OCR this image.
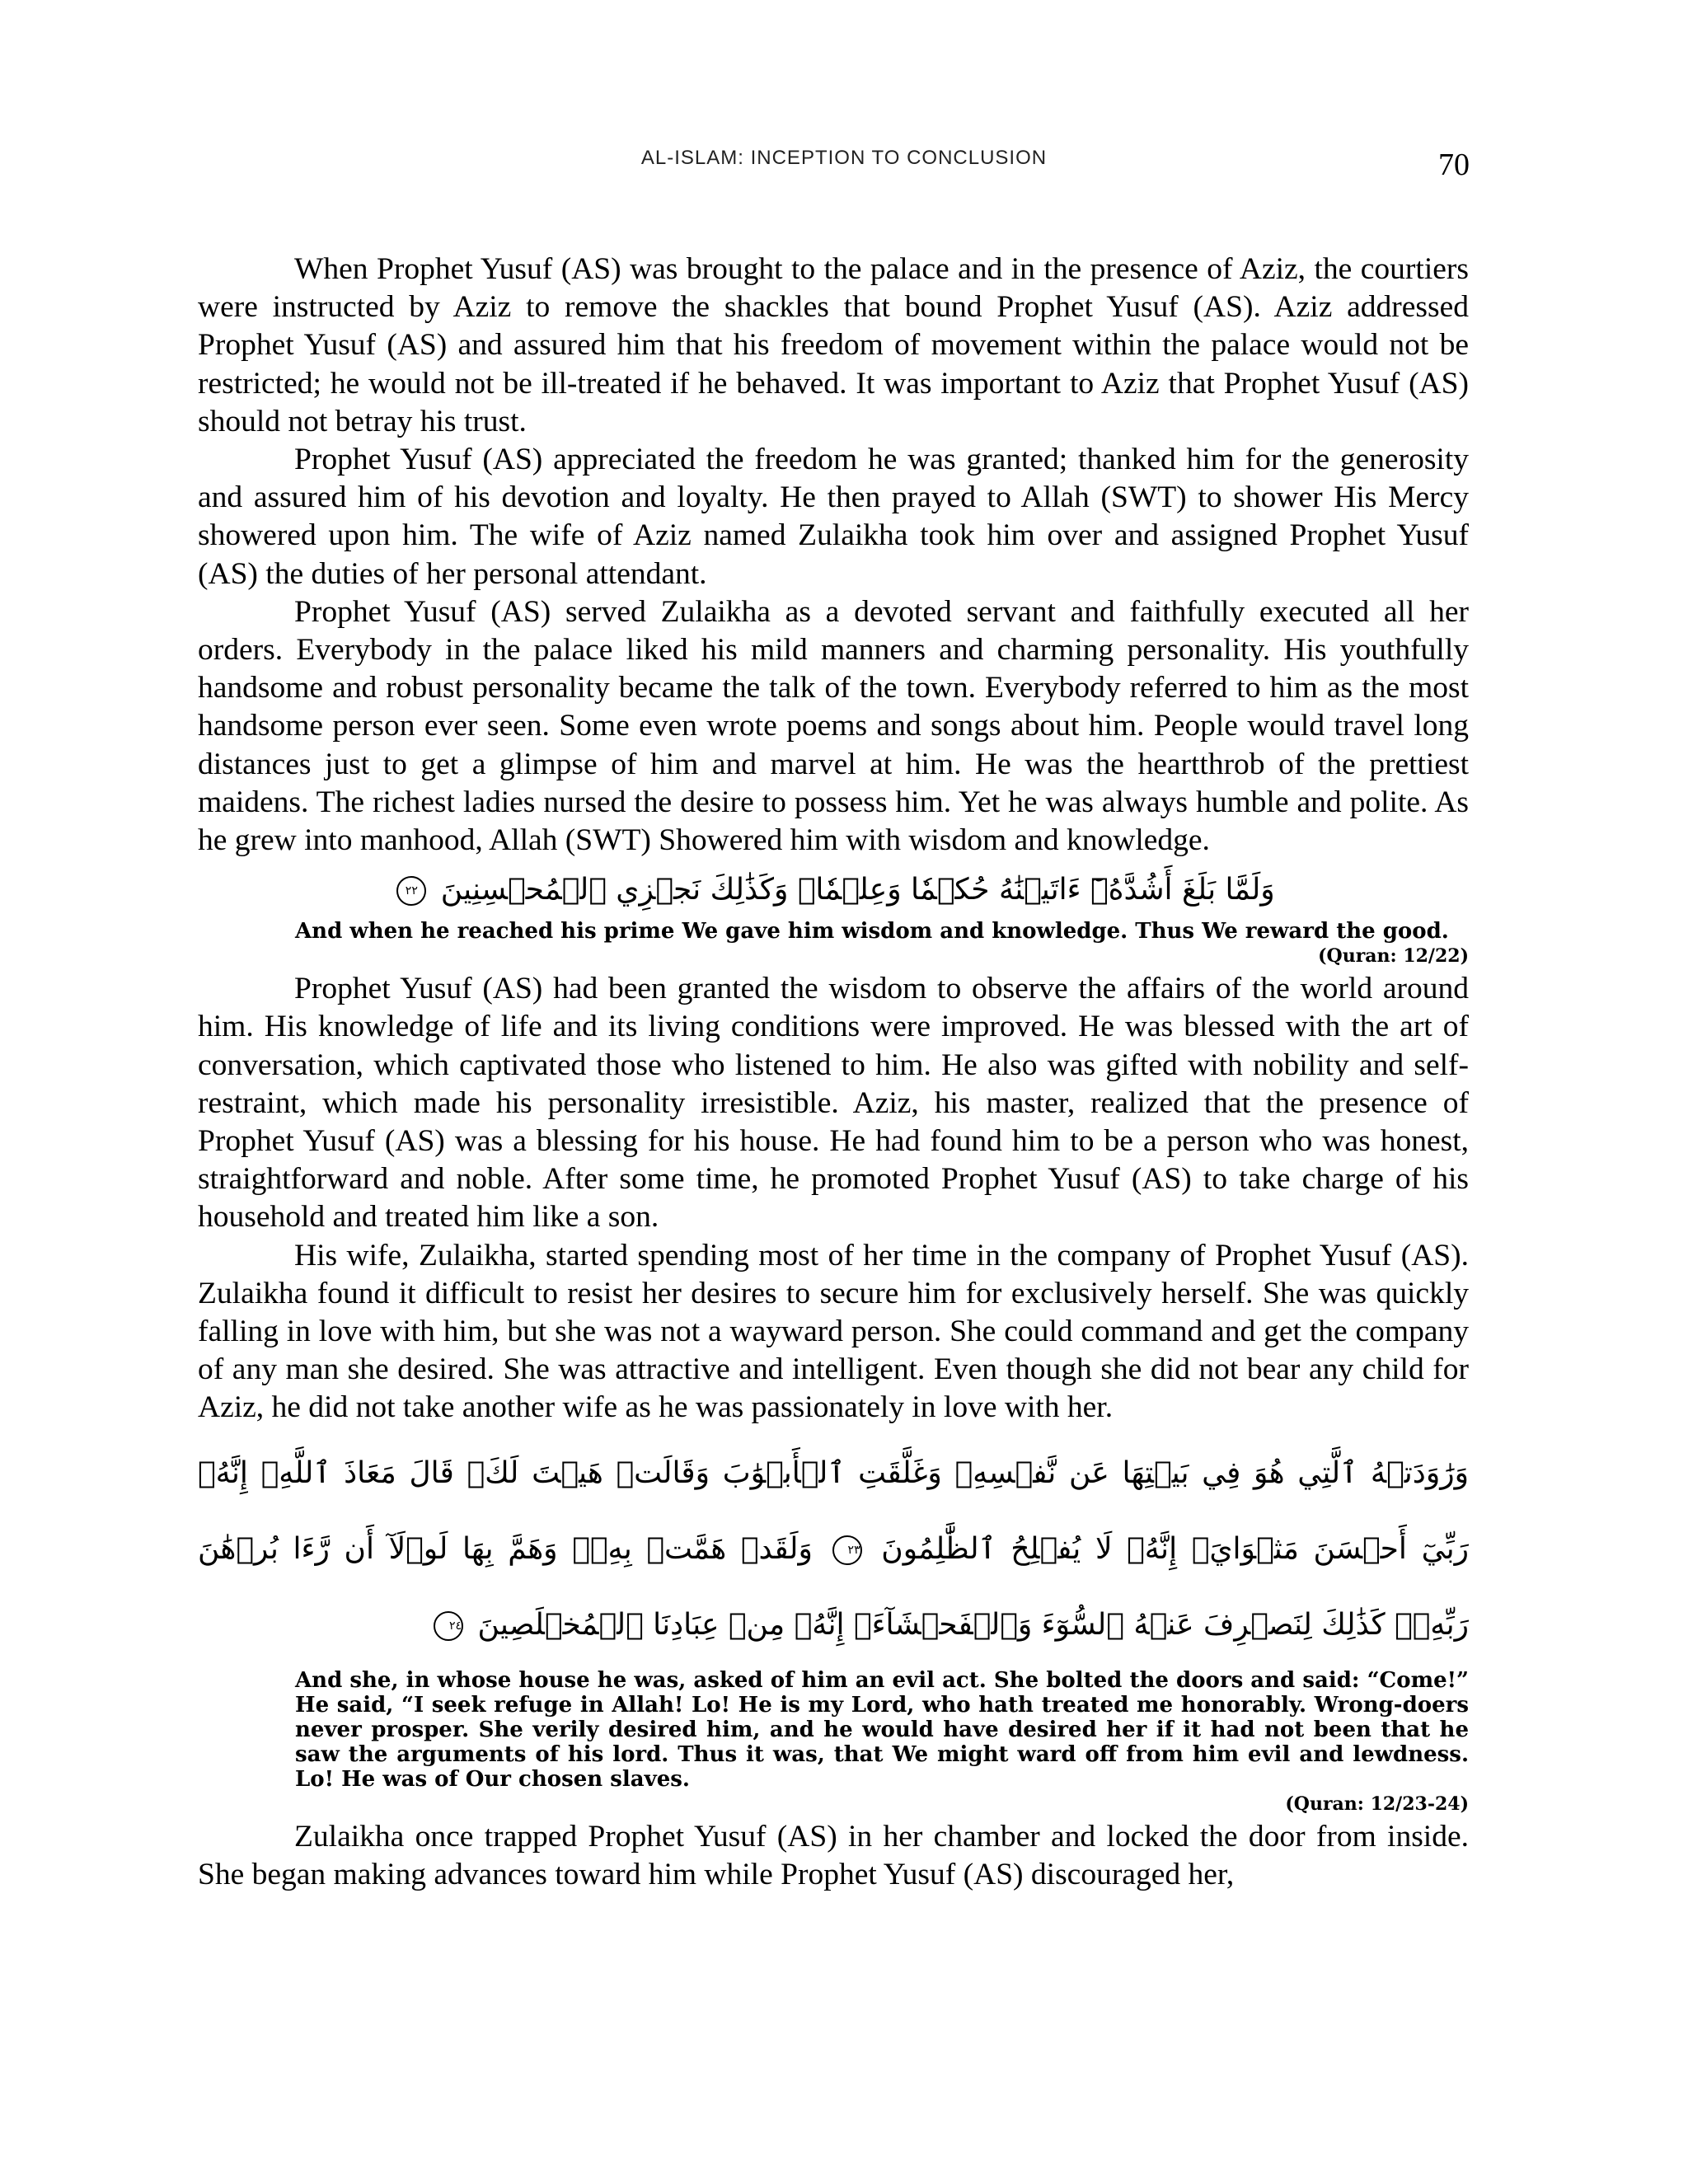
AL-ISLAM: INCEPTION TO CONCLUSION	70

When Prophet Yusuf (AS) was brought to the palace and in the presence of Aziz, the courtiers were instructed by Aziz to remove the shackles that bound Prophet Yusuf (AS). Aziz addressed Prophet Yusuf (AS) and assured him that his freedom of movement within the palace would not be restricted; he would not be ill-treated if he behaved. It was important to Aziz that Prophet Yusuf (AS) should not betray his trust.

Prophet Yusuf (AS) appreciated the freedom he was granted; thanked him for the generosity and assured him of his devotion and loyalty. He then prayed to Allah (SWT) to shower His Mercy showered upon him. The wife of Aziz named Zulaikha took him over and assigned Prophet Yusuf (AS) the duties of her personal attendant.

Prophet Yusuf (AS) served Zulaikha as a devoted servant and faithfully executed all her orders. Everybody in the palace liked his mild manners and charming personality. His youthfully handsome and robust personality became the talk of the town. Everybody referred to him as the most handsome person ever seen. Some even wrote poems and songs about him. People would travel long distances just to get a glimpse of him and marvel at him. He was the heartthrob of the prettiest maidens. The richest ladies nursed the desire to possess him. Yet he was always humble and polite. As he grew into manhood, Allah (SWT) Showered him with wisdom and knowledge.

وَلَمَّا بَلَغَ أَشُدَّهُۥٓ ءَاتَيۡنَٰهُ حُكۡمٗا وَعِلۡمٗاۚ وَكَذَٰلِكَ نَجۡزِي ٱلۡمُحۡسِنِينَ ٢٢
And when he reached his prime We gave him wisdom and knowledge. Thus We reward the good.
(Quran: 12/22)

Prophet Yusuf (AS) had been granted the wisdom to observe the affairs of the world around him. His knowledge of life and its living conditions were improved. He was blessed with the art of conversation, which captivated those who listened to him. He also was gifted with nobility and self-restraint, which made his personality irresistible. Aziz, his master, realized that the presence of Prophet Yusuf (AS) was a blessing for his house. He had found him to be a person who was honest, straightforward and noble. After some time, he promoted Prophet Yusuf (AS) to take charge of his household and treated him like a son.

His wife, Zulaikha, started spending most of her time in the company of Prophet Yusuf (AS). Zulaikha found it difficult to resist her desires to secure him for exclusively herself. She was quickly falling in love with him, but she was not a wayward person. She could command and get the company of any man she desired. She was attractive and intelligent. Even though she did not bear any child for Aziz, he did not take another wife as he was passionately in love with her.

وَرَٰوَدَتۡهُ ٱلَّتِي هُوَ فِي بَيۡتِهَا عَن نَّفۡسِهِۦ وَغَلَّقَتِ ٱلۡأَبۡوَٰبَ وَقَالَتۡ هَيۡتَ لَكَۚ قَالَ مَعَاذَ ٱللَّهِۖ إِنَّهُۥ رَبِّيٓ أَحۡسَنَ مَثۡوَايَۖ إِنَّهُۥ لَا يُفۡلِحُ ٱلظَّٰلِمُونَ ٢٣ وَلَقَدۡ هَمَّتۡ بِهِۦۖ وَهَمَّ بِهَا لَوۡلَآ أَن رَّءَا بُرۡهَٰنَ رَبِّهِۦۚ كَذَٰلِكَ لِنَصۡرِفَ عَنۡهُ ٱلسُّوٓءَ وَٱلۡفَحۡشَآءَۚ إِنَّهُۥ مِنۡ عِبَادِنَا ٱلۡمُخۡلَصِينَ ٢٤
And she, in whose house he was, asked of him an evil act. She bolted the doors and said: “Come!” He said, “I seek refuge in Allah! Lo! He is my Lord, who hath treated me honorably. Wrong-doers never prosper. She verily desired him, and he would have desired her if it had not been that he saw the arguments of his lord. Thus it was, that We might ward off from him evil and lewdness. Lo! He was of Our chosen slaves.
(Quran: 12/23-24)

Zulaikha once trapped Prophet Yusuf (AS) in her chamber and locked the door from inside. She began making advances toward him while Prophet Yusuf (AS) discouraged her,
